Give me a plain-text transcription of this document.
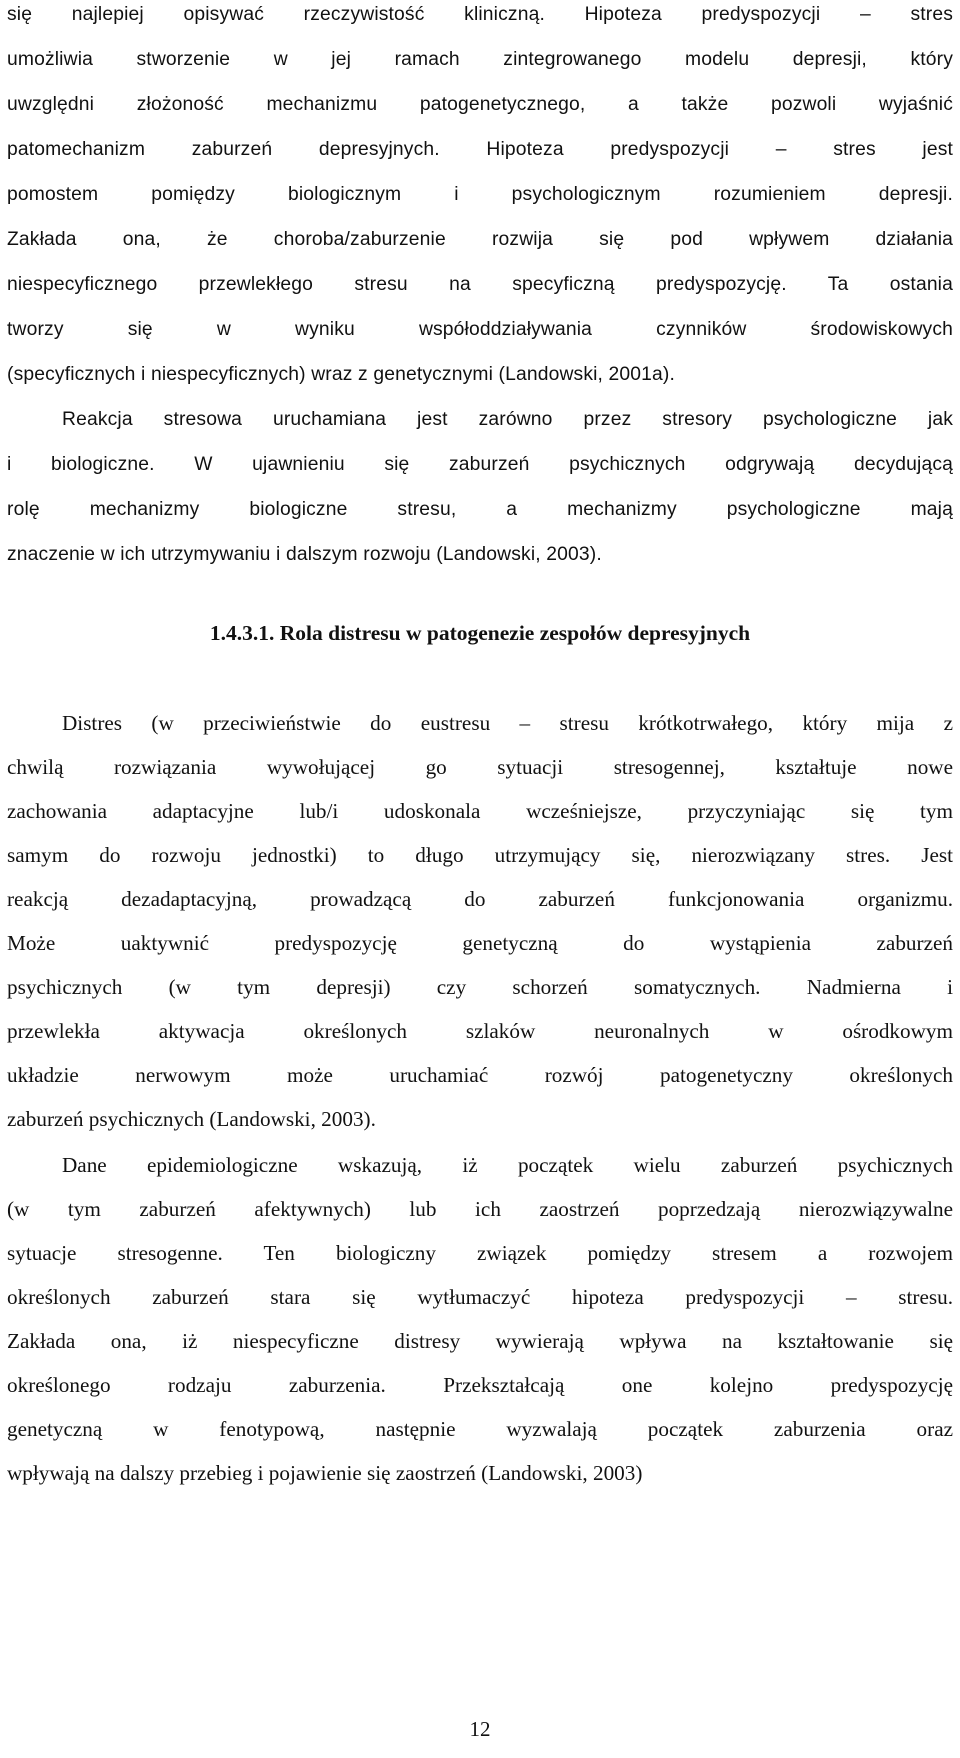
się najlepiej opisywać rzeczywistość kliniczną. Hipoteza predyspozycji – stres
umożliwia stworzenie w jej ramach zintegrowanego modelu depresji, który
uwzględni złożoność mechanizmu patogenetycznego, a także pozwoli wyjaśnić
patomechanizm zaburzeń depresyjnych. Hipoteza predyspozycji – stres jest
pomostem pomiędzy biologicznym i psychologicznym rozumieniem depresji.
Zakłada ona, że choroba/zaburzenie rozwija się pod wpływem działania
niespecyficznego przewlekłego stresu na specyficzną predyspozycję. Ta ostania
tworzy się w wyniku współoddziaływania czynników środowiskowych
(specyficznych i niespecyficznych) wraz z genetycznymi (Landowski, 2001a).
Reakcja stresowa uruchamiana jest zarówno przez stresory psychologiczne jak
i biologiczne. W ujawnieniu się zaburzeń psychicznych odgrywają decydującą
rolę mechanizmy biologiczne stresu, a mechanizmy psychologiczne mają
znaczenie w ich utrzymywaniu i dalszym rozwoju (Landowski, 2003).
1.4.3.1. Rola distresu w patogenezie zespołów depresyjnych
Distres (w przeciwieństwie do eustresu – stresu krótkotrwałego, który mija z
chwilą rozwiązania wywołującej go sytuacji stresogennej, kształtuje nowe
zachowania adaptacyjne lub/i udoskonala wcześniejsze, przyczyniając się tym
samym do rozwoju jednostki) to długo utrzymujący się, nierozwiązany stres. Jest
reakcją dezadaptacyjną, prowadzącą do zaburzeń funkcjonowania organizmu.
Może uaktywnić predyspozycję genetyczną do wystąpienia zaburzeń
psychicznych (w tym depresji) czy schorzeń somatycznych. Nadmierna i
przewlekła aktywacja określonych szlaków neuronalnych w ośrodkowym
układzie nerwowym może uruchamiać rozwój patogenetyczny określonych
zaburzeń psychicznych (Landowski, 2003).
Dane epidemiologiczne wskazują, iż początek wielu zaburzeń psychicznych
(w tym zaburzeń afektywnych) lub ich zaostrzeń poprzedzają nierozwiązywalne
sytuacje stresogenne. Ten biologiczny związek pomiędzy stresem a rozwojem
określonych zaburzeń stara się wytłumaczyć hipoteza predyspozycji – stresu.
Zakłada ona, iż niespecyficzne distresy wywierają wpływa na kształtowanie się
określonego rodzaju zaburzenia. Przekształcają one kolejno predyspozycję
genetyczną w fenotypową, następnie wyzwalają początek zaburzenia oraz
wpływają na dalszy przebieg i pojawienie się zaostrzeń (Landowski, 2003)
12
